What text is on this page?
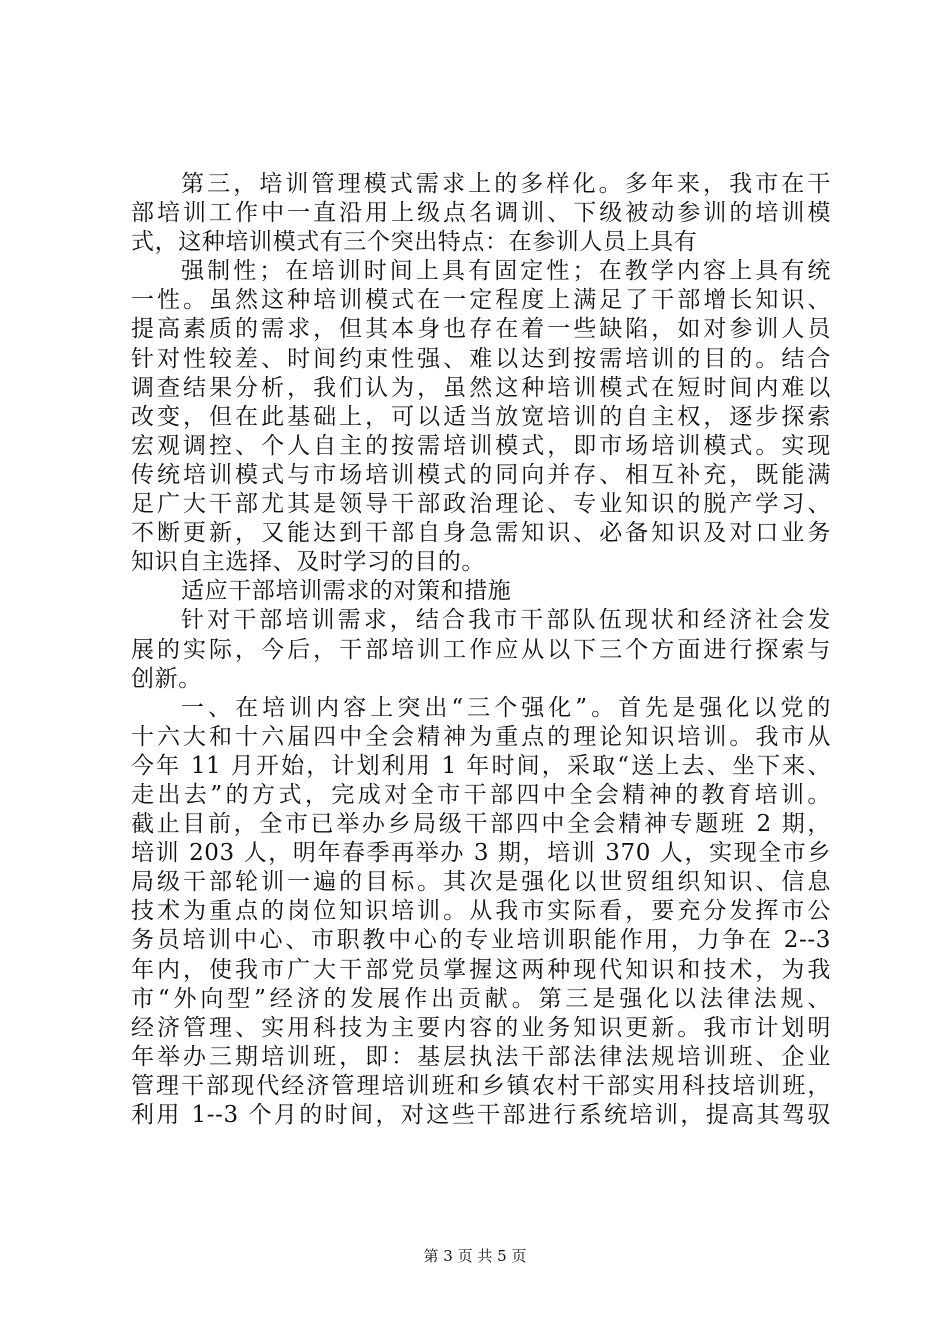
第三，培训管理模式需求上的多样化。多年来，我市在干
部培训工作中一直沿用上级点名调训、下级被动参训的培训模
式，这种培训模式有三个突出特点：在参训人员上具有
强制性；在培训时间上具有固定性；在教学内容上具有统
一性。虽然这种培训模式在一定程度上满足了干部增长知识、
提高素质的需求，但其本身也存在着一些缺陷，如对参训人员
针对性较差、时间约束性强、难以达到按需培训的目的。结合
调查结果分析，我们认为，虽然这种培训模式在短时间内难以
改变，但在此基础上，可以适当放宽培训的自主权，逐步探索
宏观调控、个人自主的按需培训模式，即市场培训模式。实现
传统培训模式与市场培训模式的同向并存、相互补充，既能满
足广大干部尤其是领导干部政治理论、专业知识的脱产学习、
不断更新，又能达到干部自身急需知识、必备知识及对口业务
知识自主选择、及时学习的目的。
适应干部培训需求的对策和措施
针对干部培训需求，结合我市干部队伍现状和经济社会发
展的实际，今后，干部培训工作应从以下三个方面进行探索与
创新。
一、在培训内容上突出“三个强化”。首先是强化以党的
十六大和十六届四中全会精神为重点的理论知识培训。我市从
今年 11 月开始，计划利用 1 年时间，采取“送上去、坐下来、
走出去”的方式，完成对全市干部四中全会精神的教育培训。
截止目前，全市已举办乡局级干部四中全会精神专题班 2 期，
培训 203 人，明年春季再举办 3 期，培训 370 人，实现全市乡
局级干部轮训一遍的目标。其次是强化以世贸组织知识、信息
技术为重点的岗位知识培训。从我市实际看，要充分发挥市公
务员培训中心、市职教中心的专业培训职能作用，力争在 2--3
年内，使我市广大干部党员掌握这两种现代知识和技术，为我
市“外向型”经济的发展作出贡献。第三是强化以法律法规、
经济管理、实用科技为主要内容的业务知识更新。我市计划明
年举办三期培训班，即：基层执法干部法律法规培训班、企业
管理干部现代经济管理培训班和乡镇农村干部实用科技培训班，
利用 1--3 个月的时间，对这些干部进行系统培训，提高其驾驭
第 3 页 共 5 页
